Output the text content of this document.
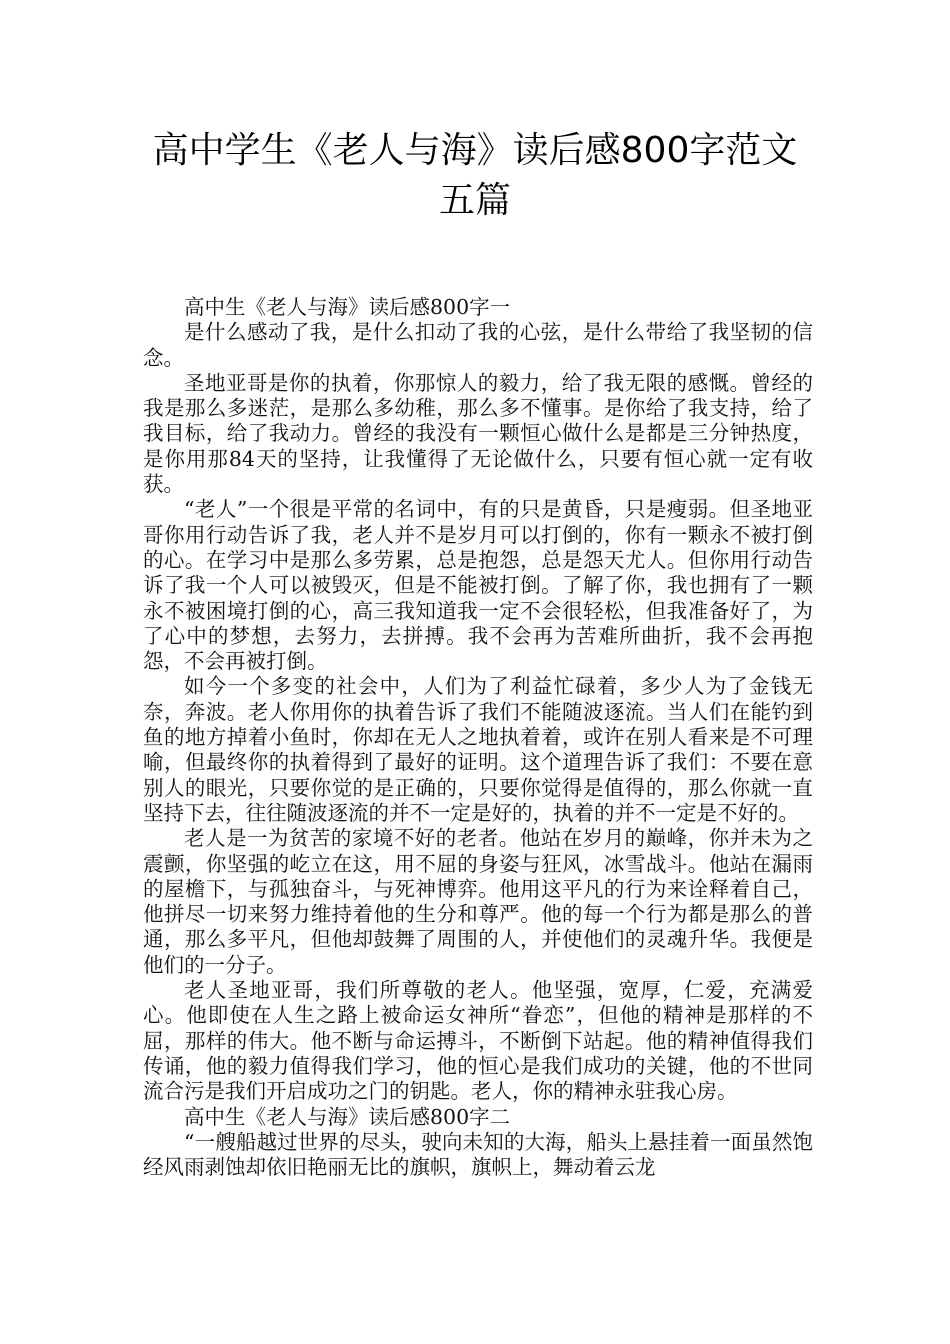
高中学生《老人与海》读后感800字范文五篇

高中生《老人与海》读后感800字一

是什么感动了我，是什么扣动了我的心弦，是什么带给了我坚韧的信念。

圣地亚哥是你的执着，你那惊人的毅力，给了我无限的感慨。曾经的我是那么多迷茫，是那么多幼稚，那么多不懂事。是你给了我支持，给了我目标，给了我动力。曾经的我没有一颗恒心做什么是都是三分钟热度，是你用那84天的坚持，让我懂得了无论做什么，只要有恒心就一定有收获。

“老人”一个很是平常的名词中，有的只是黄昏，只是瘦弱。但圣地亚哥你用行动告诉了我，老人并不是岁月可以打倒的，你有一颗永不被打倒的心。在学习中是那么多劳累，总是抱怨，总是怨天尤人。但你用行动告诉了我一个人可以被毁灭，但是不能被打倒。了解了你，我也拥有了一颗永不被困境打倒的心，高三我知道我一定不会很轻松，但我准备好了，为了心中的梦想，去努力，去拼搏。我不会再为苦难所曲折，我不会再抱怨，不会再被打倒。

如今一个多变的社会中，人们为了利益忙碌着，多少人为了金钱无奈，奔波。老人你用你的执着告诉了我们不能随波逐流。当人们在能钓到鱼的地方掉着小鱼时，你却在无人之地执着着，或许在别人看来是不可理喻，但最终你的执着得到了最好的证明。这个道理告诉了我们：不要在意别人的眼光，只要你觉的是正确的，只要你觉得是值得的，那么你就一直坚持下去，往往随波逐流的并不一定是好的，执着的并不一定是不好的。

老人是一为贫苦的家境不好的老者。他站在岁月的巅峰，你并未为之震颤，你坚强的屹立在这，用不屈的身姿与狂风，冰雪战斗。他站在漏雨的屋檐下，与孤独奋斗，与死神博弈。他用这平凡的行为来诠释着自己，他拼尽一切来努力维持着他的生分和尊严。他的每一个行为都是那么的普通，那么多平凡，但他却鼓舞了周围的人，并使他们的灵魂升华。我便是他们的一分子。

老人圣地亚哥，我们所尊敬的老人。他坚强，宽厚，仁爱，充满爱心。他即使在人生之路上被命运女神所“眷恋”，但他的精神是那样的不屈，那样的伟大。他不断与命运搏斗，不断倒下站起。他的精神值得我们传诵，他的毅力值得我们学习，他的恒心是我们成功的关键，他的不世同流合污是我们开启成功之门的钥匙。老人，你的精神永驻我心房。

高中生《老人与海》读后感800字二

“一艘船越过世界的尽头，驶向未知的大海，船头上悬挂着一面虽然饱经风雨剥蚀却依旧艳丽无比的旗帜，旗帜上，舞动着云龙
